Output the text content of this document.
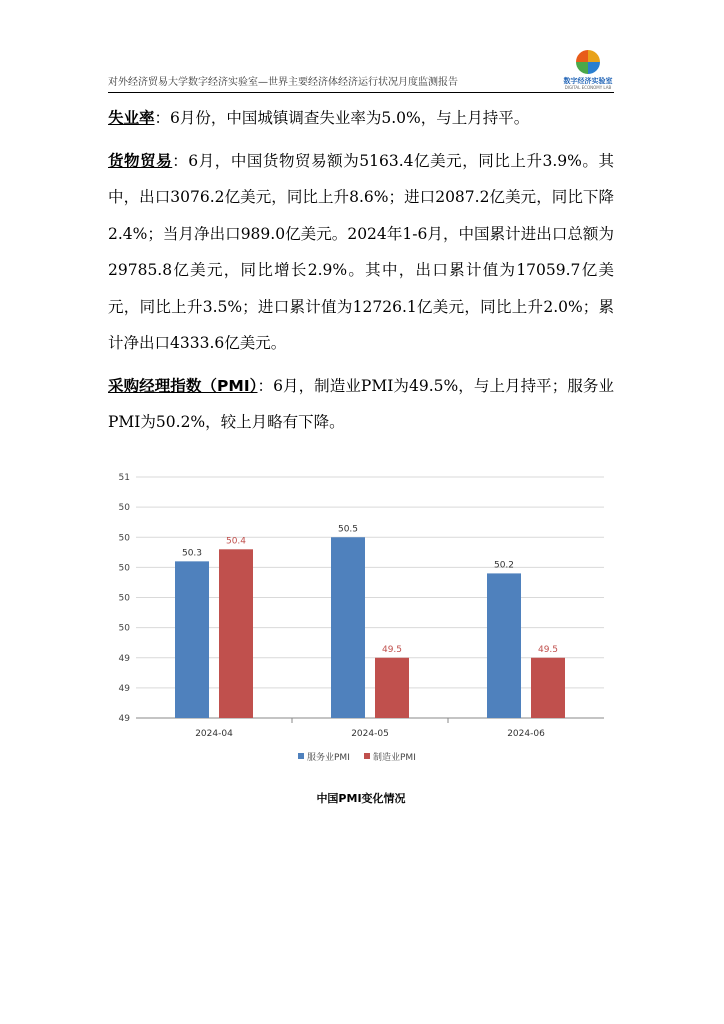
对外经济贸易大学数字经济实验室—世界主要经济体经济运行状况月度监测报告	数字经济实验室
DIGITAL ECONOMY LAB

失业率：6月份，中国城镇调查失业率为5.0%，与上月持平。

货物贸易：6月，中国货物贸易额为5163.4亿美元，同比上升3.9%。其中，出口3076.2亿美元，同比上升8.6%；进口2087.2亿美元，同比下降2.4%；当月净出口989.0亿美元。2024年1-6月，中国累计进出口总额为29785.8亿美元，同比增长2.9%。其中，出口累计值为17059.7亿美元，同比上升3.5%；进口累计值为12726.1亿美元，同比上升2.0%；累计净出口4333.6亿美元。

采购经理指数（PMI）：6月，制造业PMI为49.5%，与上月持平；服务业PMI为50.2%，较上月略有下降。

49
49
49
50
50
50
50
50
51
2024-04
50.3
50.4
2024-05
50.5
49.5
2024-06
50.2
49.5
服务业PMI	制造业PMI
中国PMI变化情况
